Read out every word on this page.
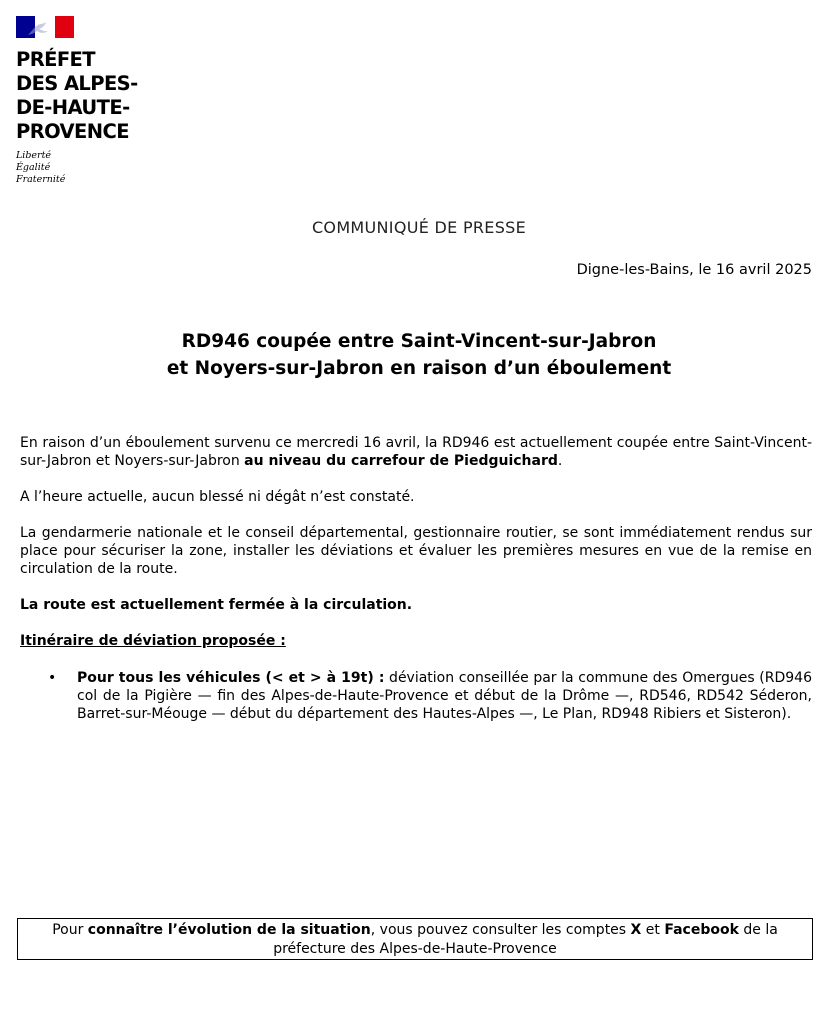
PRÉFET
DES ALPES-
DE-HAUTE-
PROVENCE
Liberté
Égalité
Fraternité
COMMUNIQUÉ DE PRESSE
Digne-les-Bains, le 16 avril 2025
RD946 coupée entre Saint-Vincent-sur-Jabron
et Noyers-sur-Jabron en raison d’un éboulement

En raison d’un éboulement survenu ce mercredi 16 avril, la RD946 est actuellement coupée entre Saint-Vincent-sur-Jabron et Noyers-sur-Jabron au niveau du carrefour de Piedguichard.

A l’heure actuelle, aucun blessé ni dégât n’est constaté.

La gendarmerie nationale et le conseil départemental, gestionnaire routier, se sont immédiatement rendus sur place pour sécuriser la zone, installer les déviations et évaluer les premières mesures en vue de la remise en circulation de la route.

La route est actuellement fermée à la circulation.

Itinéraire de déviation proposée :
• Pour tous les véhicules (< et > à 19t) : déviation conseillée par la commune des Omergues (RD946 col de la Pigière — fin des Alpes-de-Haute-Provence et début de la Drôme —, RD546, RD542 Séderon, Barret-sur-Méouge — début du département des Hautes-Alpes —, Le Plan, RD948 Ribiers et Sisteron).
Pour connaître l’évolution de la situation, vous pouvez consulter les comptes X et Facebook de la préfecture des Alpes-de-Haute-Provence
